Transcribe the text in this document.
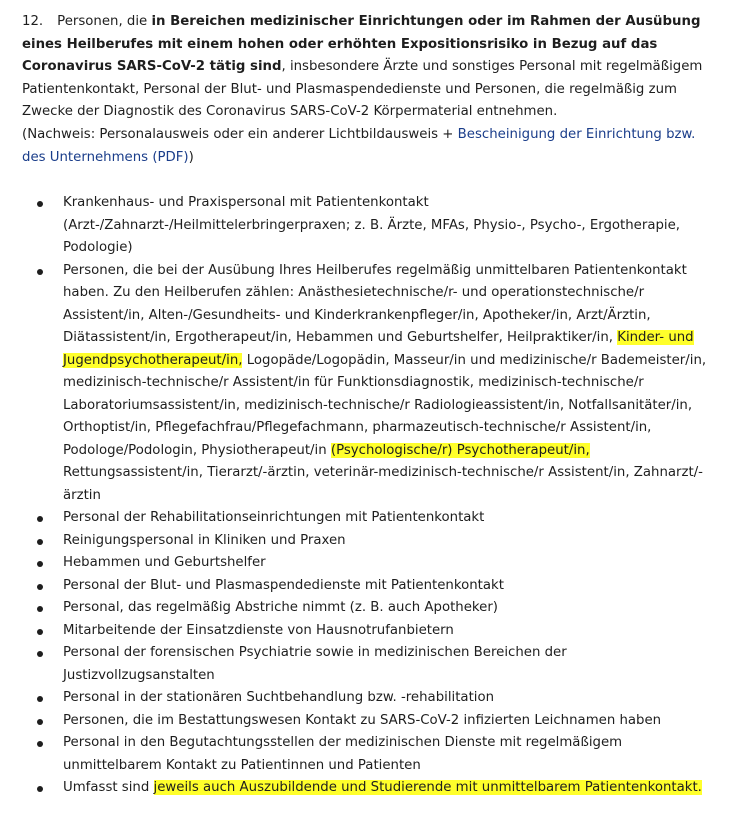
12. Personen, die in Bereichen medizinischer Einrichtungen oder im Rahmen der Ausübung eines Heilberufes mit einem hohen oder erhöhten Expositionsrisiko in Bezug auf das Coronavirus SARS-CoV-2 tätig sind, insbesondere Ärzte und sonstiges Personal mit regelmäßigem Patientenkontakt, Personal der Blut- und Plasmaspendedienste und Personen, die regelmäßig zum Zwecke der Diagnostik des Coronavirus SARS-CoV-2 Körpermaterial entnehmen.

(Nachweis: Personalausweis oder ein anderer Lichtbildausweis + Bescheinigung der Einrichtung bzw. des Unternehmens (PDF))

Krankenhaus- und Praxispersonal mit Patientenkontakt (Arzt-/Zahnarzt-/Heilmittelerbringerpraxen; z. B. Ärzte, MFAs, Physio-, Psycho-, Ergotherapie, Podologie)
Personen, die bei der Ausübung Ihres Heilberufes regelmäßig unmittelbaren Patientenkontakt haben. Zu den Heilberufen zählen: Anästhesietechnische/r- und operationstechnische/r Assistent/in, Alten-/Gesundheits- und Kinderkrankenpfleger/in, Apotheker/in, Arzt/Ärztin, Diätassistent/in, Ergotherapeut/in, Hebammen und Geburtshelfer, Heilpraktiker/in, Kinder- und Jugendpsychotherapeut/in, Logopäde/Logopädin, Masseur/in und medizinische/r Bademeister/in, medizinisch-technische/r Assistent/in für Funktionsdiagnostik, medizinisch-technische/r Laboratoriumsassistent/in, medizinisch-technische/r Radiologieassistent/in, Notfallsanitäter/in, Orthoptist/in, Pflegefachfrau/Pflegefachmann, pharmazeutisch-technische/r Assistent/in, Podologe/Podologin, Physiotherapeut/in (Psychologische/r) Psychotherapeut/in, Rettungsassistent/in, Tierarzt/-ärztin, veterinär-medizinisch-technische/r Assistent/in, Zahnarzt/-ärztin
Personal der Rehabilitationseinrichtungen mit Patientenkontakt
Reinigungspersonal in Kliniken und Praxen
Hebammen und Geburtshelfer
Personal der Blut- und Plasmaspendedienste mit Patientenkontakt
Personal, das regelmäßig Abstriche nimmt (z. B. auch Apotheker)
Mitarbeitende der Einsatzdienste von Hausnotrufanbietern
Personal der forensischen Psychiatrie sowie in medizinischen Bereichen der Justizvollzugsanstalten
Personal in der stationären Suchtbehandlung bzw. -rehabilitation
Personen, die im Bestattungswesen Kontakt zu SARS-CoV-2 infizierten Leichnamen haben
Personal in den Begutachtungsstellen der medizinischen Dienste mit regelmäßigem unmittelbarem Kontakt zu Patientinnen und Patienten
Umfasst sind jeweils auch Auszubildende und Studierende mit unmittelbarem Patientenkontakt.
